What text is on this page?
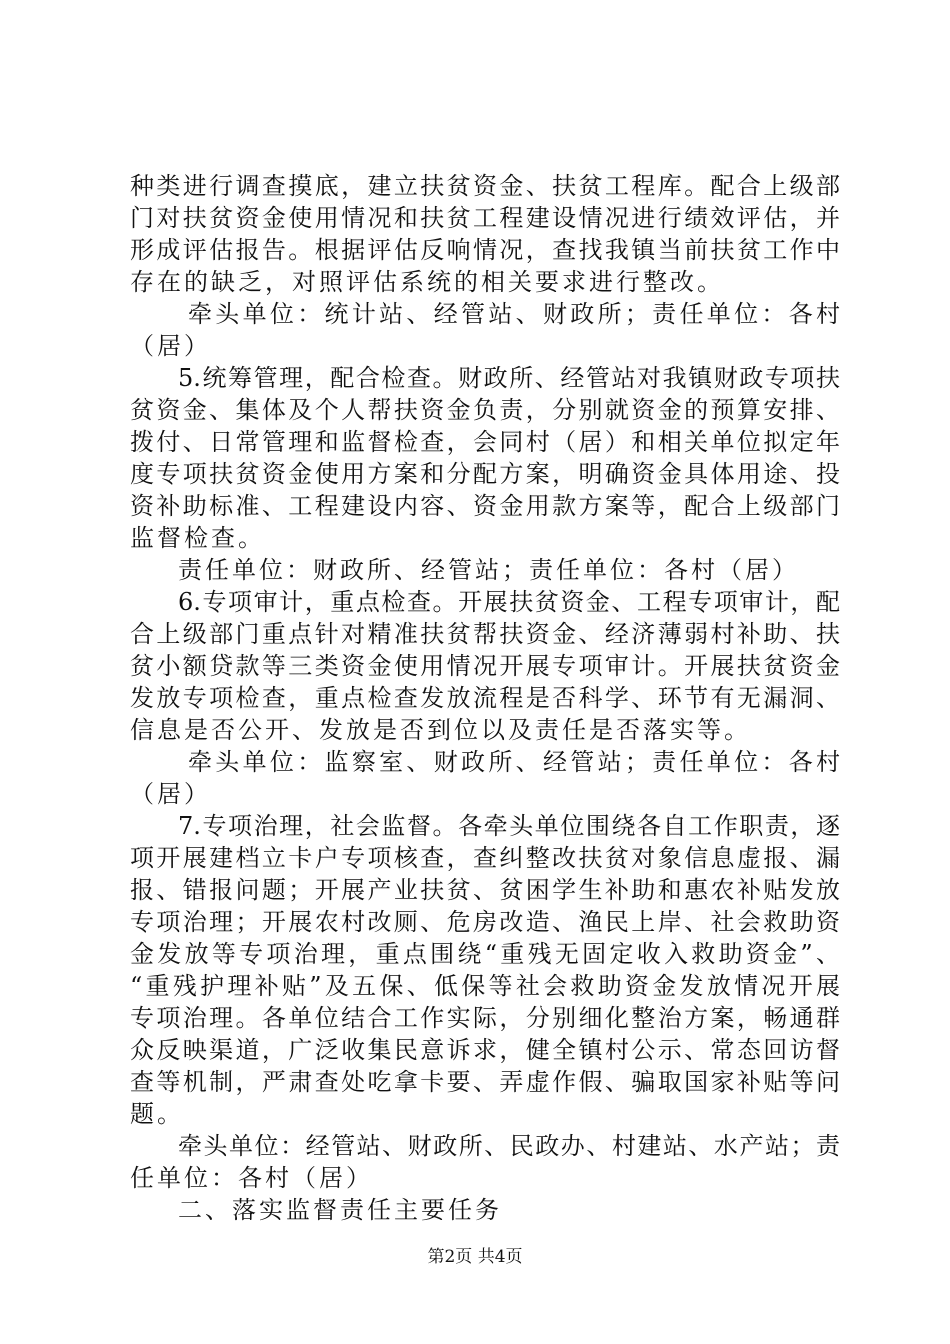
种类进行调查摸底，建立扶贫资金、扶贫工程库。配合上级部
门对扶贫资金使用情况和扶贫工程建设情况进行绩效评估，并
形成评估报告。根据评估反响情况，查找我镇当前扶贫工作中
存在的缺乏，对照评估系统的相关要求进行整改。
牵头单位：统计站、经管站、财政所；责任单位：各村
（居）
5.统筹管理，配合检查。财政所、经管站对我镇财政专项扶
贫资金、集体及个人帮扶资金负责，分别就资金的预算安排、
拨付、日常管理和监督检查，会同村（居）和相关单位拟定年
度专项扶贫资金使用方案和分配方案，明确资金具体用途、投
资补助标准、工程建设内容、资金用款方案等，配合上级部门
监督检查。
责任单位：财政所、经管站；责任单位：各村（居）
6.专项审计，重点检查。开展扶贫资金、工程专项审计，配
合上级部门重点针对精准扶贫帮扶资金、经济薄弱村补助、扶
贫小额贷款等三类资金使用情况开展专项审计。开展扶贫资金
发放专项检查，重点检查发放流程是否科学、环节有无漏洞、
信息是否公开、发放是否到位以及责任是否落实等。
牵头单位：监察室、财政所、经管站；责任单位：各村
（居）
7.专项治理，社会监督。各牵头单位围绕各自工作职责，逐
项开展建档立卡户专项核查，查纠整改扶贫对象信息虚报、漏
报、错报问题；开展产业扶贫、贫困学生补助和惠农补贴发放
专项治理；开展农村改厕、危房改造、渔民上岸、社会救助资
金发放等专项治理，重点围绕“重残无固定收入救助资金”、
“重残护理补贴”及五保、低保等社会救助资金发放情况开展
专项治理。各单位结合工作实际，分别细化整治方案，畅通群
众反映渠道，广泛收集民意诉求，健全镇村公示、常态回访督
查等机制，严肃查处吃拿卡要、弄虚作假、骗取国家补贴等问
题。
牵头单位：经管站、财政所、民政办、村建站、水产站；责
任单位：各村（居）
二、落实监督责任主要任务
第2页 共4页
